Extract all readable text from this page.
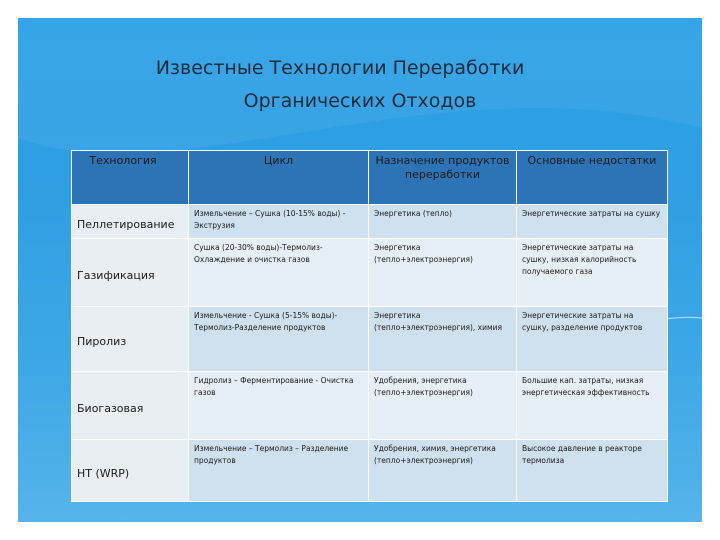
Известные Технологии Переработки
Органических Отходов
Технология	Цикл	Назначение продуктов переработки	Основные недостатки
Пеллетирование	Измельчение – Сушка (10-15% воды) - Экструзия	Энергетика (тепло)	Энергетические затраты на сушку
Газификация	Сушка (20-30% воды)-Термолиз-Охлаждение и очистка газов	Энергетика (тепло+электроэнергия)	Энергетические затраты на сушку, низкая калорийность получаемого газа
Пиролиз	Измельчение - Сушка (5-15% воды)-Термолиз-Разделение продуктов	Энергетика (тепло+электроэнергия), химия	Энергетические затраты на сушку, разделение продуктов
Биогазовая	Гидролиз – Ферментирование - Очистка газов	Удобрения, энергетика (тепло+электроэнергия)	Большие кап. затраты, низкая энергетическая эффективность
HT (WRP)	Измельчение – Термолиз – Разделение продуктов	Удобрения, химия, энергетика (тепло+электроэнергия)	Высокое давление в реакторе термолиза
